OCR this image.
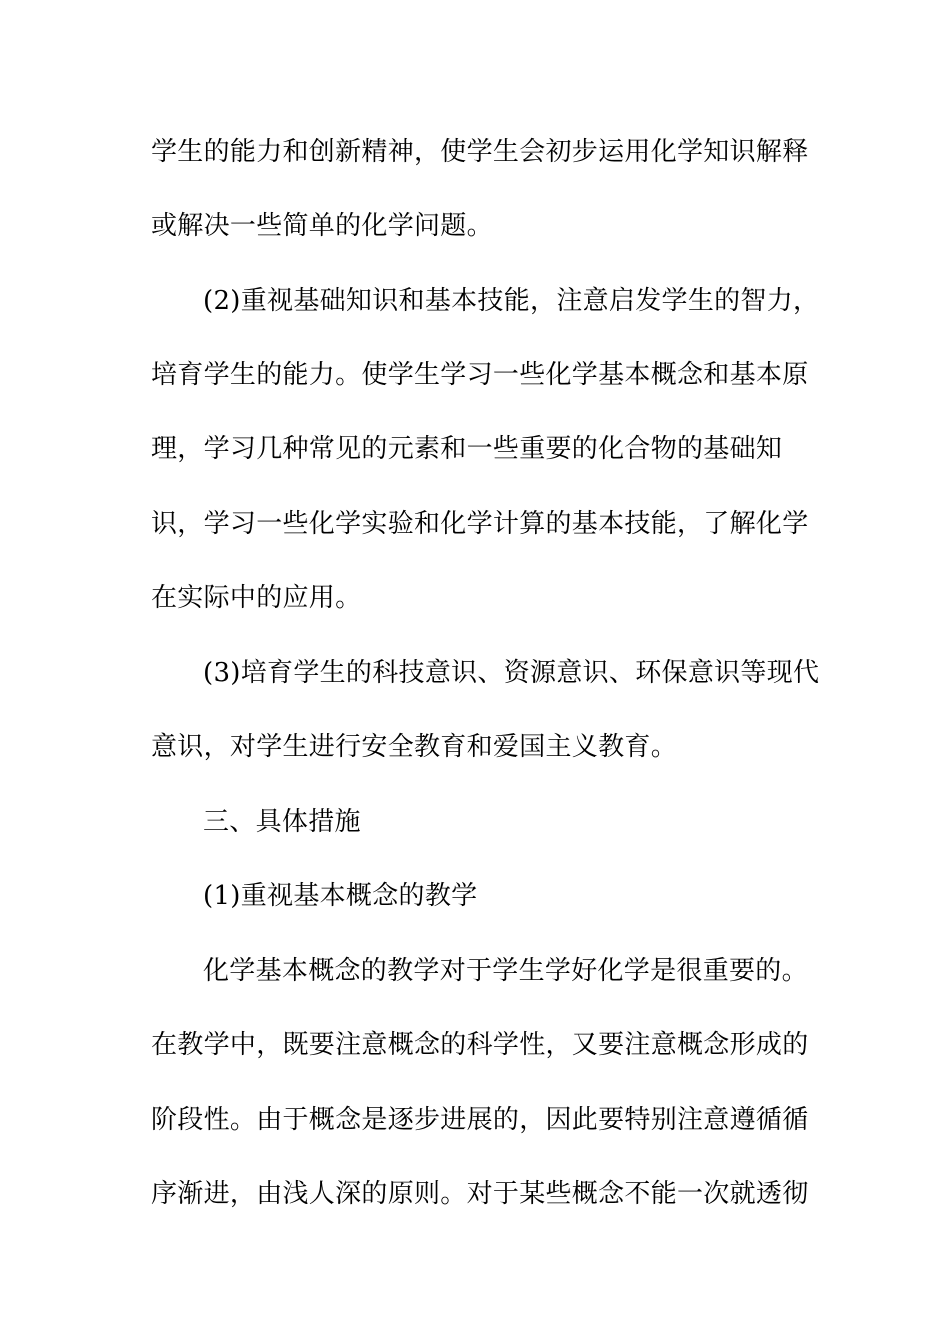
学生的能力和创新精神，使学生会初步运用化学知识解释
或解决一些简单的化学问题。
(2)重视基础知识和基本技能，注意启发学生的智力，
培育学生的能力。使学生学习一些化学基本概念和基本原
理，学习几种常见的元素和一些重要的化合物的基础知
识，学习一些化学实验和化学计算的基本技能，了解化学
在实际中的应用。
(3)培育学生的科技意识、资源意识、环保意识等现代
意识，对学生进行安全教育和爱国主义教育。
三、具体措施
(1)重视基本概念的教学
化学基本概念的教学对于学生学好化学是很重要的。
在教学中，既要注意概念的科学性，又要注意概念形成的
阶段性。由于概念是逐步进展的，因此要特别注意遵循循
序渐进，由浅人深的原则。对于某些概念不能一次就透彻
